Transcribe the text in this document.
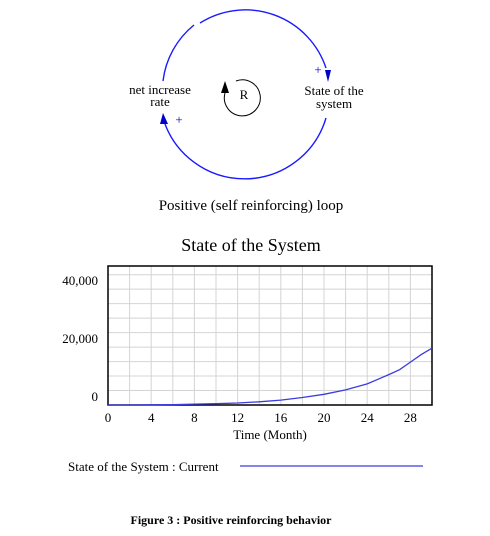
net increase
rate
State of the
system
+
+
R
Positive (self reinforcing) loop
State of the System
0
20,000
40,000
0	4	8	12 16 20 24 28
Time (Month)
State of the System : Current
Figure 3 : Positive reinforcing behavior
